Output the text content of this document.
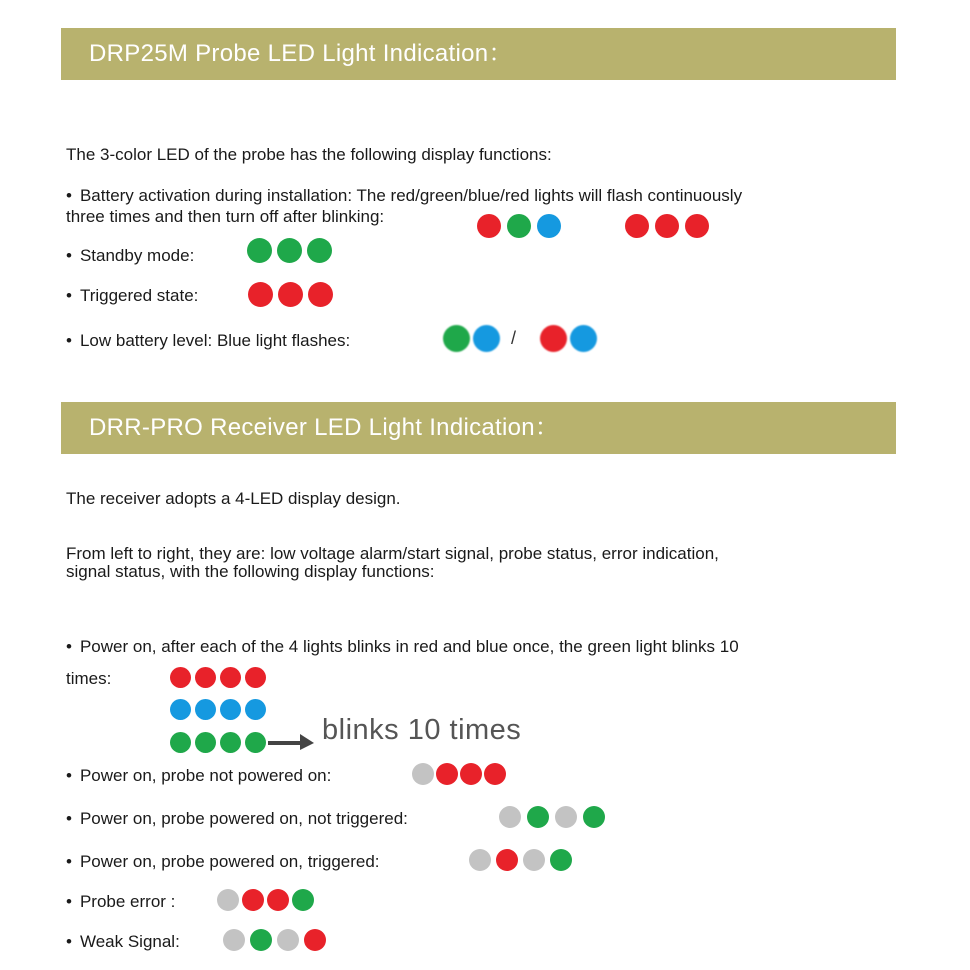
DRP25M Probe LED Light Indication：
The 3-color LED of the probe has the following display functions:
• Battery activation during installation: The red/green/blue/red lights will flash continuously
three times and then turn off after blinking:
• Standby mode:
• Triggered state:
• Low battery level: Blue light flashes:	/
DRR-PRO Receiver LED Light Indication：
The receiver adopts a 4-LED display design.
From left to right, they are: low voltage alarm/start signal, probe status, error indication, signal status, with the following display functions:
• Power on, after each of the 4 lights blinks in red and blue once, the green light blinks 10
times:
blinks 10 times
• Power on, probe not powered on:
• Power on, probe powered on, not triggered:
• Power on, probe powered on, triggered:
• Probe error :
• Weak Signal:
